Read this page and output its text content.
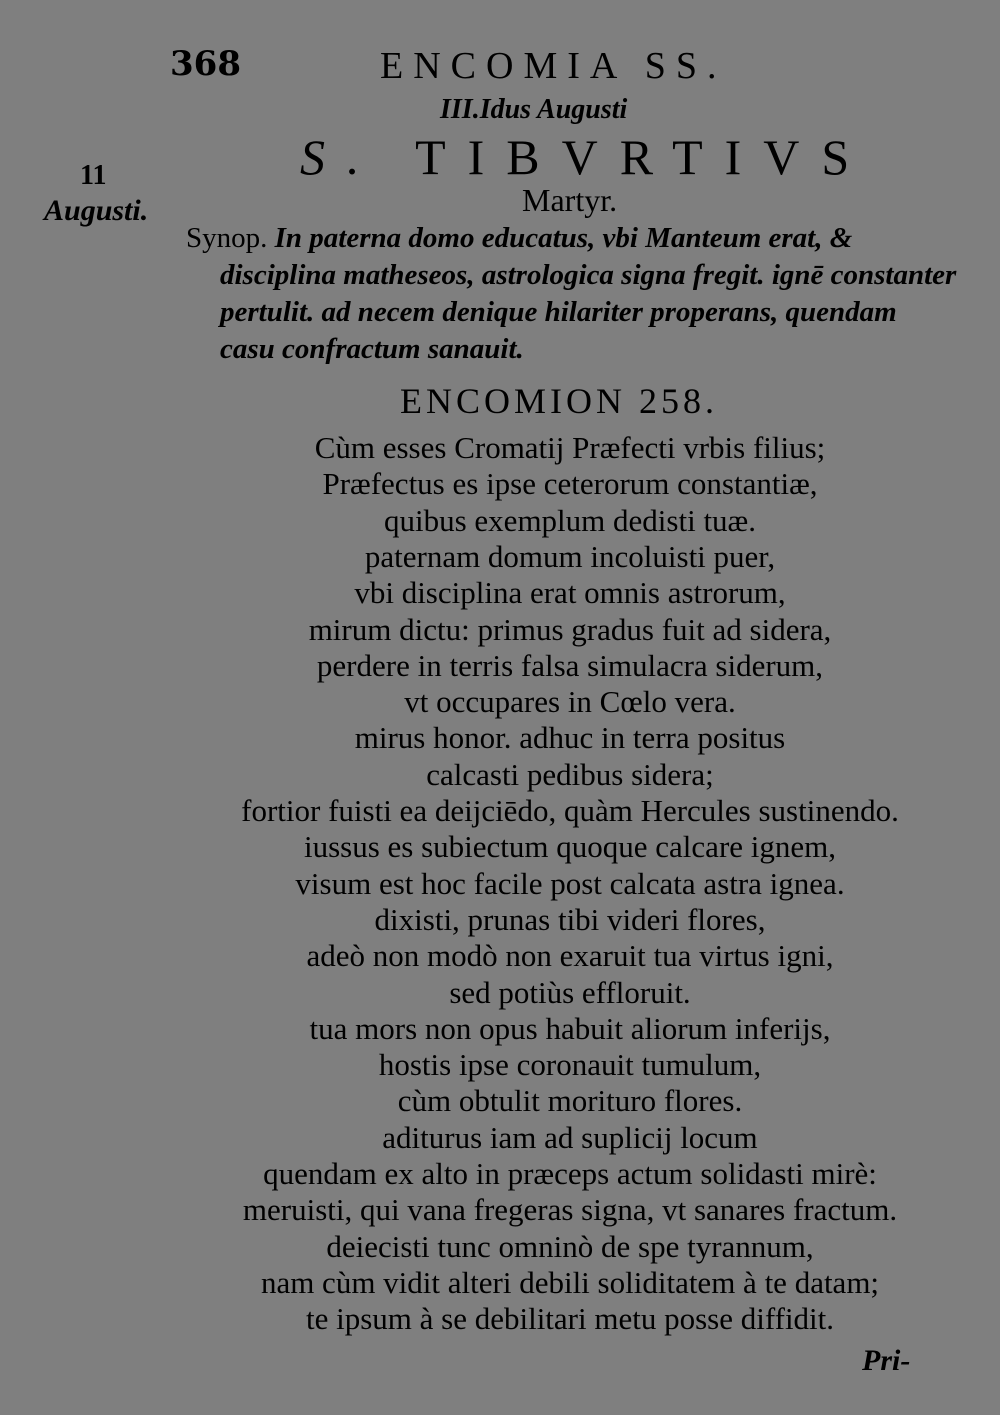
368	ENCOMIA SS.
III.Idus Augusti
S. TIBVRTIVS
11
Augusti.	Martyr.
Synop. In paterna domo educatus, vbi Manteum erat, &
disciplina matheseos, astrologica signa fregit. ignē constanter
pertulit. ad necem denique hilariter properans, quendam
casu confractum sanauit.
ENCOMION 258.
Cùm esses Cromatij Præfecti vrbis filius;
Præfectus es ipse ceterorum constantiæ,
quibus exemplum dedisti tuæ.
paternam domum incoluisti puer,
vbi disciplina erat omnis astrorum,
mirum dictu: primus gradus fuit ad sidera,
perdere in terris falsa simulacra siderum,
vt occupares in Cœlo vera.
mirus honor. adhuc in terra positus
calcasti pedibus sidera;
fortior fuisti ea deijciēdo, quàm Hercules sustinendo.
iussus es subiectum quoque calcare ignem,
visum est hoc facile post calcata astra ignea.
dixisti, prunas tibi videri flores,
adeò non modò non exaruit tua virtus igni,
sed potiùs effloruit.
tua mors non opus habuit aliorum inferijs,
hostis ipse coronauit tumulum,
cùm obtulit morituro flores.
aditurus iam ad suplicij locum
quendam ex alto in præceps actum solidasti mirè:
meruisti, qui vana fregeras signa, vt sanares fractum.
deiecisti tunc omninò de spe tyrannum,
nam cùm vidit alteri debili soliditatem à te datam;
te ipsum à se debilitari metu posse diffidit.
Pri-
